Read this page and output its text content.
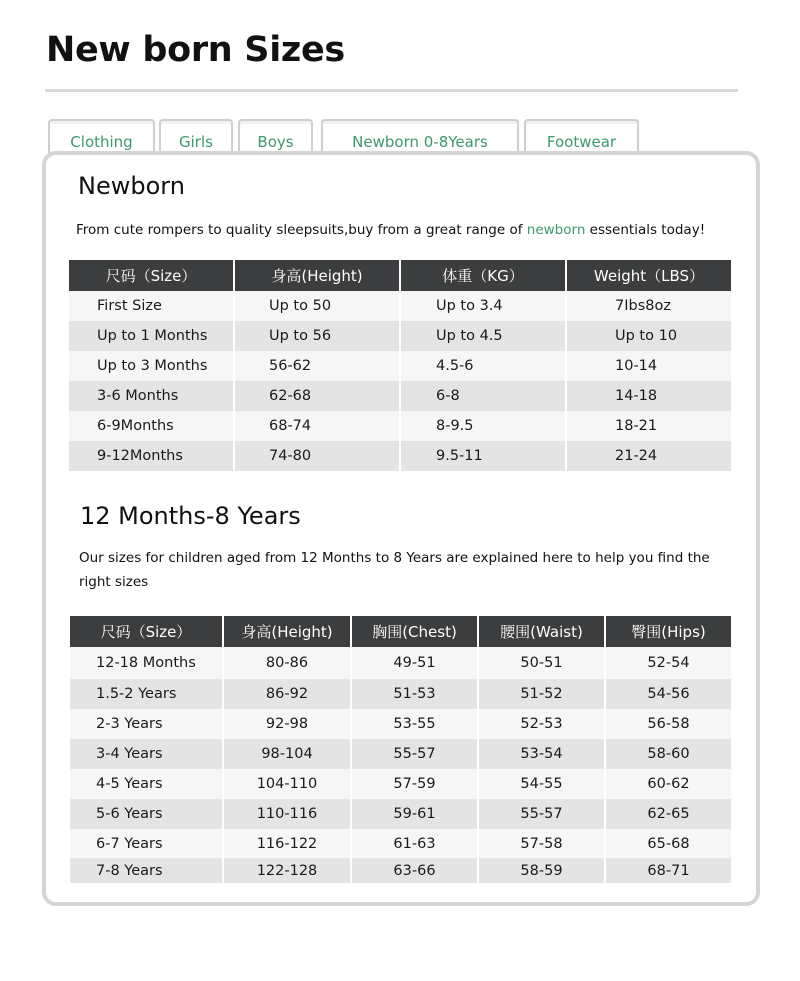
New born Sizes
Clothing	Girls	Boys	Newborn 0-8Years	Footwear
Newborn

From cute rompers to quality sleepsuits,buy from a great range of newborn essentials today!

尺码（Size）	身高(Height)	体重（KG）	Weight（LBS）
First Size	Up to 50	Up to 3.4	7Ibs8oz
Up to 1 Months	Up to 56	Up to 4.5	Up to 10
Up to 3 Months	56-62	4.5-6	10-14
3-6 Months	62-68	6-8	14-18
6-9Months	68-74	8-9.5	18-21
9-12Months	74-80	9.5-11	21-24
12 Months-8 Years

Our sizes for children aged from 12 Months to 8 Years are explained here to help you find the right sizes

尺码（Size）	身高(Height)	胸围(Chest)	腰围(Waist)	臀围(Hips)
12-18 Months	80-86	49-51	50-51	52-54
1.5-2 Years	86-92	51-53	51-52	54-56
2-3 Years	92-98	53-55	52-53	56-58
3-4 Years	98-104	55-57	53-54	58-60
4-5 Years	104-110	57-59	54-55	60-62
5-6 Years	110-116	59-61	55-57	62-65
6-7 Years	116-122	61-63	57-58	65-68
7-8 Years	122-128	63-66	58-59	68-71
